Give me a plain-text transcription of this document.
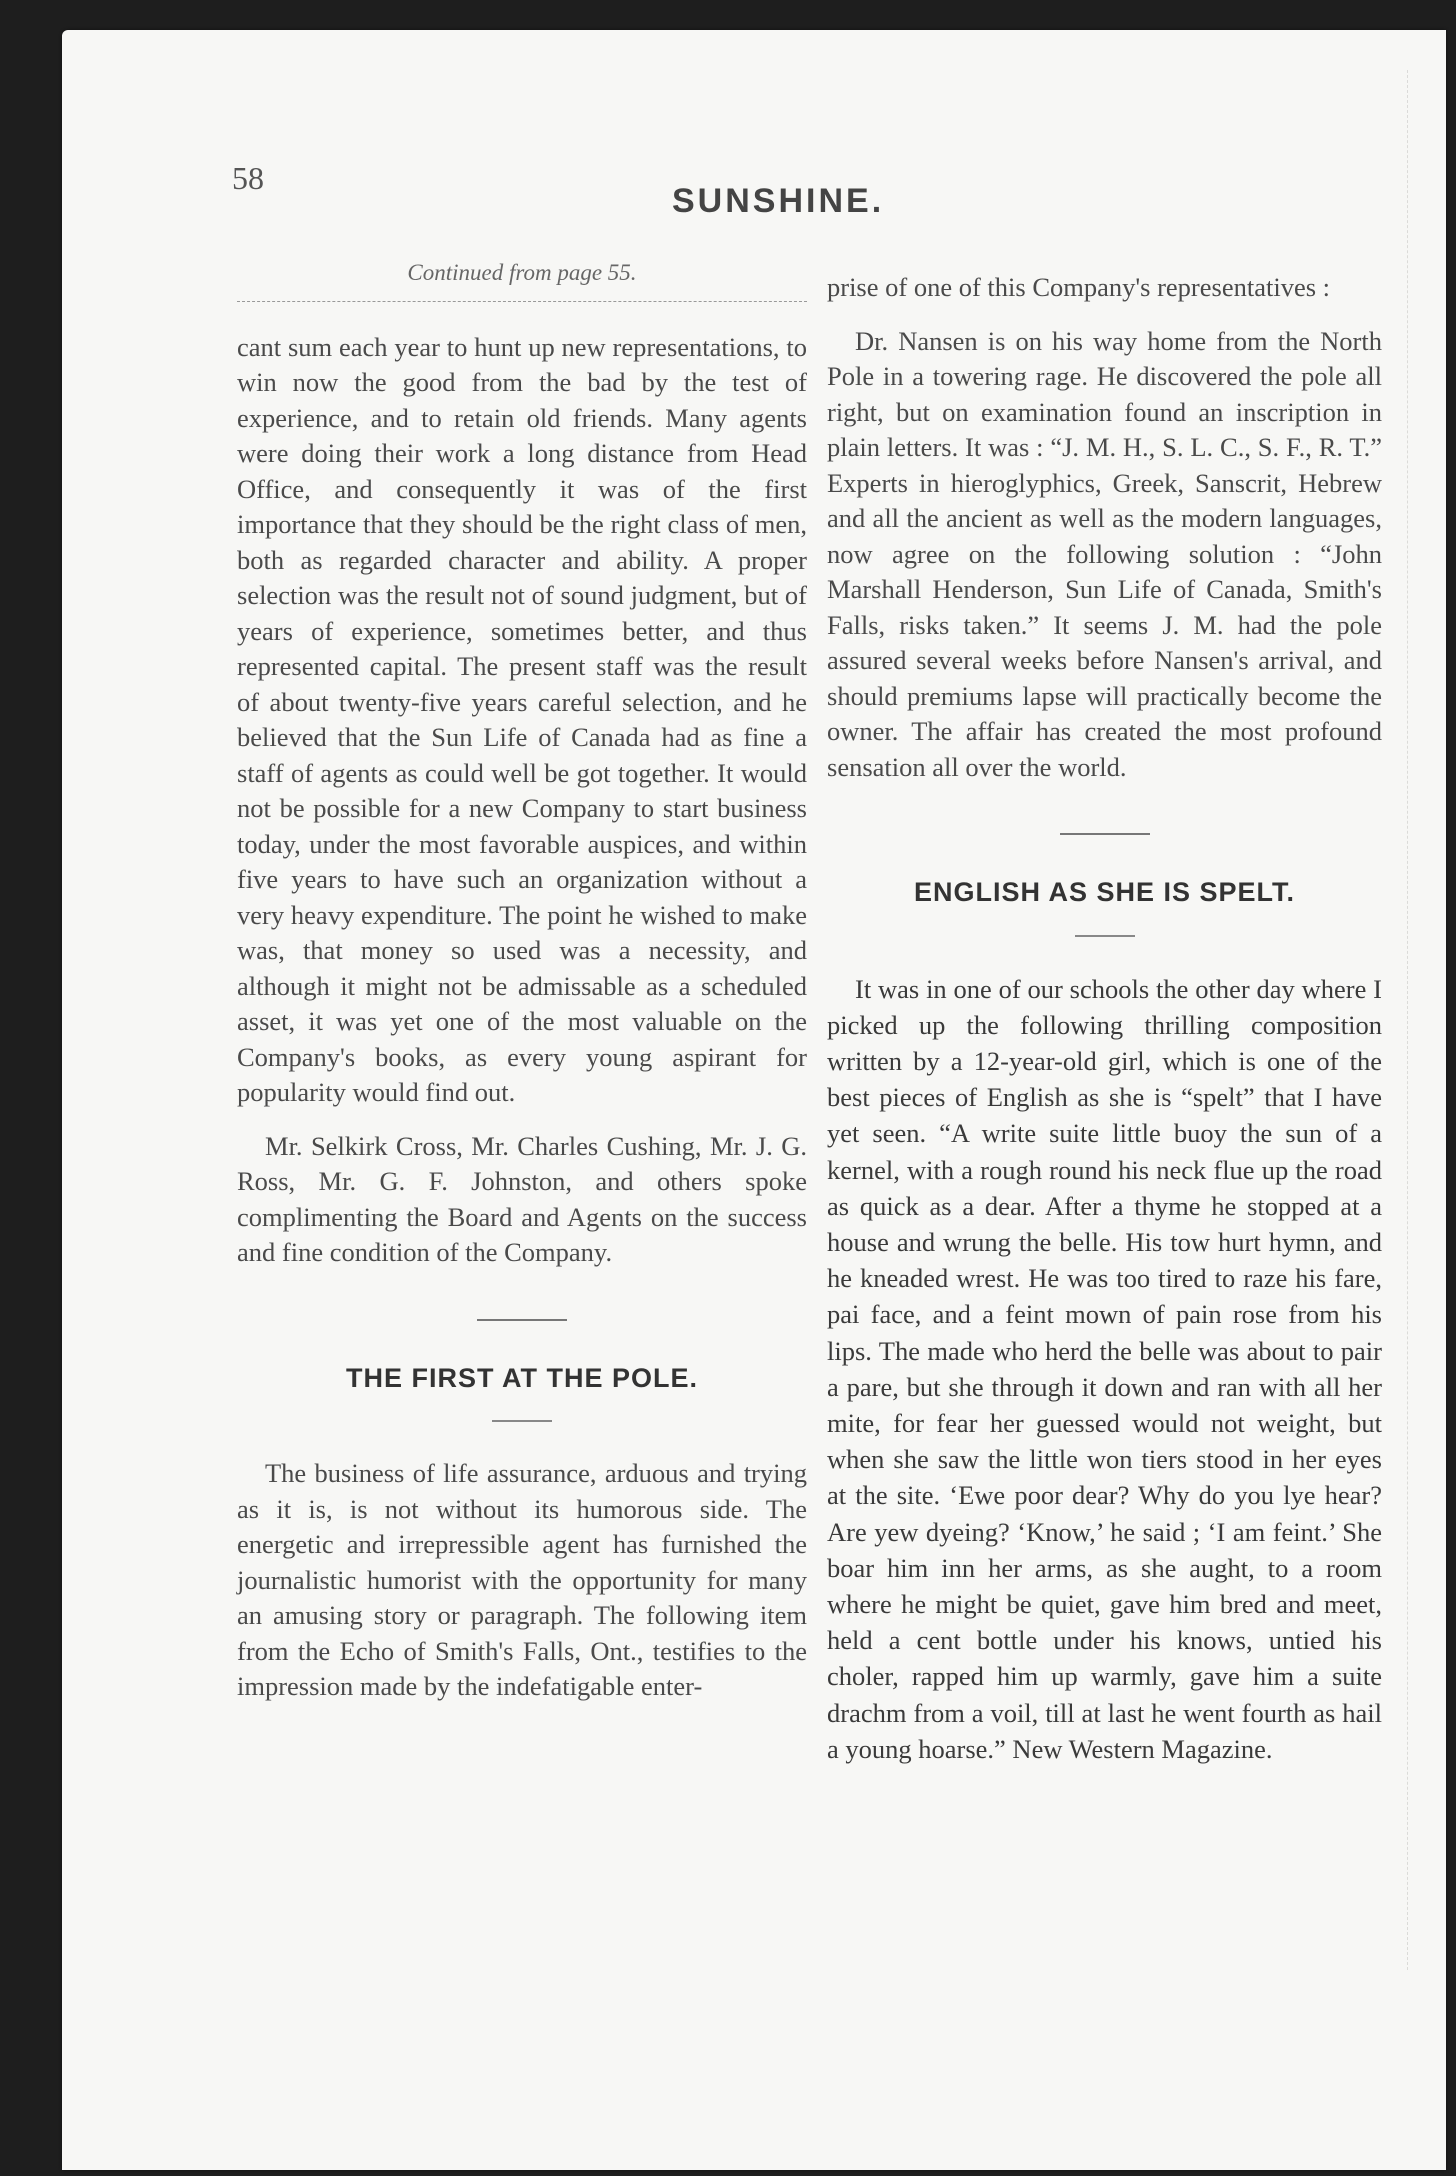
58
SUNSHINE.
Continued from page 55.

cant sum each year to hunt up new representations, to win now the good from the bad by the test of experience, and to retain old friends. Many agents were doing their work a long distance from Head Office, and consequently it was of the first importance that they should be the right class of men, both as regarded character and ability. A proper selection was the result not of sound judgment, but of years of experience, sometimes better, and thus represented capital. The present staff was the result of about twenty-five years careful selection, and he believed that the Sun Life of Canada had as fine a staff of agents as could well be got together. It would not be possible for a new Company to start business today, under the most favorable auspices, and within five years to have such an organization without a very heavy expenditure. The point he wished to make was, that money so used was a necessity, and although it might not be admissable as a scheduled asset, it was yet one of the most valuable on the Company's books, as every young aspirant for popularity would find out.

Mr. Selkirk Cross, Mr. Charles Cushing, Mr. J. G. Ross, Mr. G. F. Johnston, and others spoke complimenting the Board and Agents on the success and fine condition of the Company.

THE FIRST AT THE POLE.

The business of life assurance, arduous and trying as it is, is not without its humorous side. The energetic and irrepressible agent has furnished the journalistic humorist with the opportunity for many an amusing story or paragraph. The following item from the Echo of Smith's Falls, Ont., testifies to the impression made by the indefatigable enter-

prise of one of this Company's representatives :

Dr. Nansen is on his way home from the North Pole in a towering rage. He discovered the pole all right, but on examination found an inscription in plain letters. It was : “J. M. H., S. L. C., S. F., R. T.” Experts in hieroglyphics, Greek, Sanscrit, Hebrew and all the ancient as well as the modern languages, now agree on the following solution : “John Marshall Henderson, Sun Life of Canada, Smith's Falls, risks taken.” It seems J. M. had the pole assured several weeks before Nansen's arrival, and should premiums lapse will practically become the owner. The affair has created the most profound sensation all over the world.

ENGLISH AS SHE IS SPELT.

It was in one of our schools the other day where I picked up the following thrilling composition written by a 12-year-old girl, which is one of the best pieces of English as she is “spelt” that I have yet seen. “A write suite little buoy the sun of a kernel, with a rough round his neck flue up the road as quick as a dear. After a thyme he stopped at a house and wrung the belle. His tow hurt hymn, and he kneaded wrest. He was too tired to raze his fare, pai face, and a feint mown of pain rose from his lips. The made who herd the belle was about to pair a pare, but she through it down and ran with all her mite, for fear her guessed would not weight, but when she saw the little won tiers stood in her eyes at the site. ‘Ewe poor dear? Why do you lye hear? Are yew dyeing? ‘Know,’ he said ; ‘I am feint.’ She boar him inn her arms, as she aught, to a room where he might be quiet, gave him bred and meet, held a cent bottle under his knows, untied his choler, rapped him up warmly, gave him a suite drachm from a voil, till at last he went fourth as hail a young hoarse.” New Western Magazine.
